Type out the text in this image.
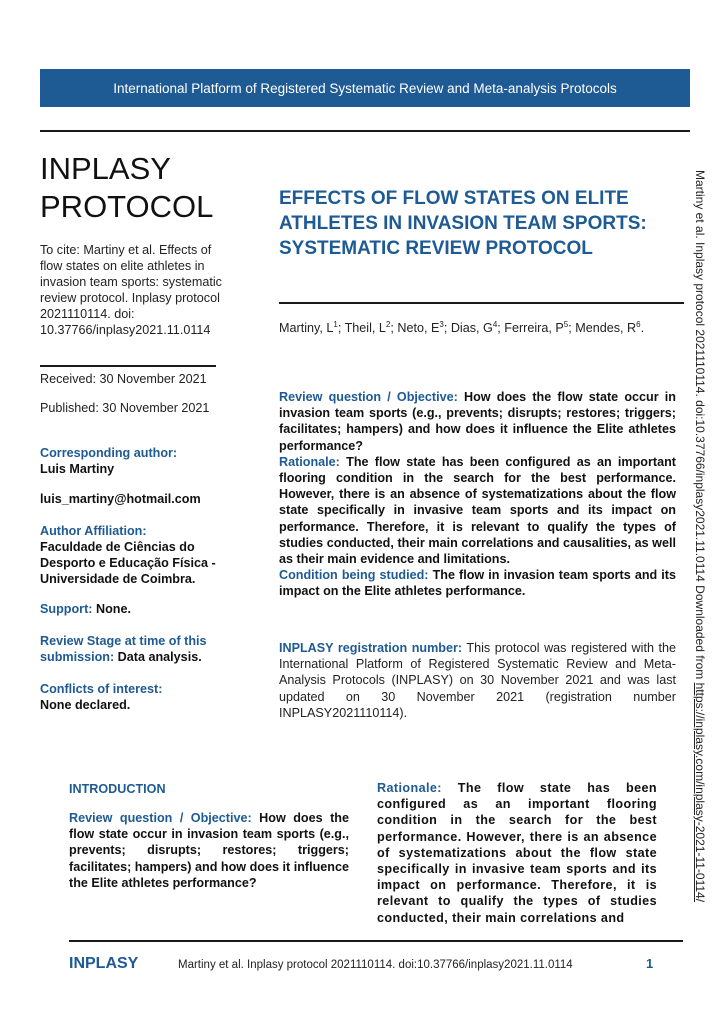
International Platform of Registered Systematic Review and Meta-analysis Protocols
INPLASY
PROTOCOL
To cite: Martiny et al. Effects of flow states on elite athletes in invasion team sports: systematic review protocol. Inplasy protocol 2021110114. doi: 10.37766/inplasy2021.11.0114
Received: 30 November 2021
Published: 30 November 2021
Corresponding author:
Luis Martiny
luis_martiny@hotmail.com
Author Affiliation:
Faculdade de Ciências do Desporto e Educação Física - Universidade de Coimbra.
Support: None.
Review Stage at time of this submission: Data analysis.
Conflicts of interest:
None declared.
EFFECTS OF FLOW STATES ON ELITE ATHLETES IN INVASION TEAM SPORTS: SYSTEMATIC REVIEW PROTOCOL
Martiny, $L^1$; Theil, $L^2$; Neto, $E^3$; Dias, $G^4$; Ferreira, $P^5$; Mendes, $R^6$.

Review question / Objective: How does the flow state occur in invasion team sports (e.g., prevents; disrupts; restores; triggers; facilitates; hampers) and how does it influence the Elite athletes performance?

Rationale: The flow state has been configured as an important flooring condition in the search for the best performance. However, there is an absence of systematizations about the flow state specifically in invasive team sports and its impact on performance. Therefore, it is relevant to qualify the types of studies conducted, their main correlations and causalities, as well as their main evidence and limitations.

Condition being studied: The flow in invasion team sports and its impact on the Elite athletes performance.

INPLASY registration number: This protocol was registered with the International Platform of Registered Systematic Review and Meta-Analysis Protocols (INPLASY) on 30 November 2021 and was last updated on 30 November 2021 (registration number INPLASY2021110114).
INTRODUCTION
Review question / Objective: How does the flow state occur in invasion team sports (e.g., prevents; disrupts; restores; triggers; facilitates; hampers) and how does it influence the Elite athletes performance?
Rationale: The flow state has been configured as an important flooring condition in the search for the best performance. However, there is an absence of systematizations about the flow state specifically in invasive team sports and its impact on performance. Therefore, it is relevant to qualify the types of studies conducted, their main correlations and
INPLASY	Martiny et al. Inplasy protocol 2021110114. doi:10.37766/inplasy2021.11.0114	1
Martiny et al. Inplasy protocol 2021110114. doi:10.37766/inplasy2021.11.0114 Downloaded from https://inplasy.com/inplasy-2021-11-0114/
